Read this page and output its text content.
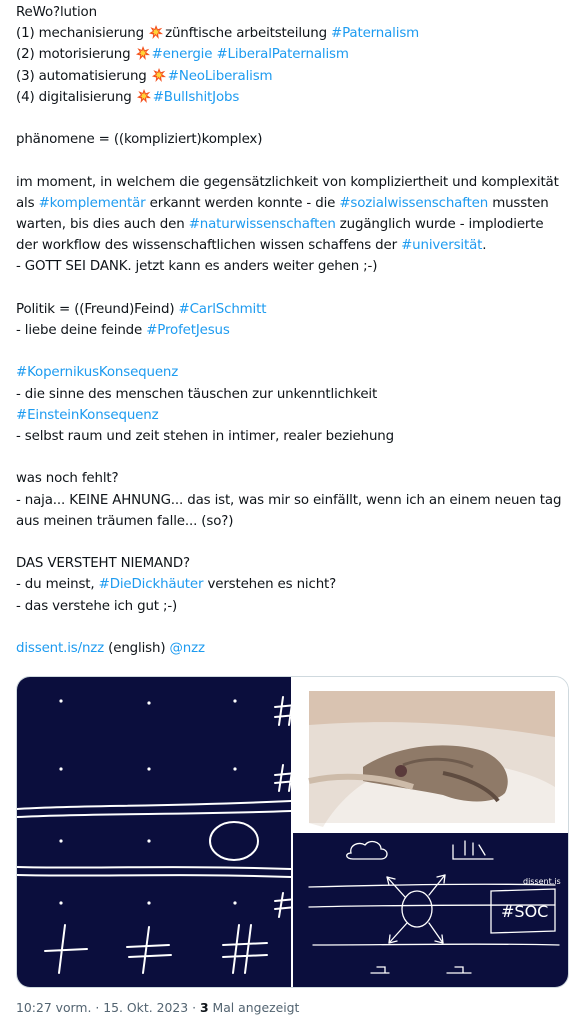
ReWo?lution
(1) mechanisierung zünftische arbeitsteilung #Paternalism
(2) motorisierung #energie #LiberalPaternalism
(3) automatisierung #NeoLiberalism
(4) digitalisierung #BullshitJobs
phänomene = ((kompliziert)komplex)
im moment, in welchem die gegensätzlichkeit von kompliziertheit und komplexität
als #komplementär erkannt werden konnte - die #sozialwissenschaften mussten
warten, bis dies auch den #naturwissenschaften zugänglich wurde - implodierte
der workflow des wissenschaftlichen wissen schaffens der #universität.
- GOTT SEI DANK. jetzt kann es anders weiter gehen ;-)
Politik = ((Freund)Feind) #CarlSchmitt
- liebe deine feinde #ProfetJesus
#KopernikusKonsequenz
- die sinne des menschen täuschen zur unkenntlichkeit
#EinsteinKonsequenz
- selbst raum und zeit stehen in intimer, realer beziehung
was noch fehlt?
- naja... KEINE AHNUNG... das ist, was mir so einfällt, wenn ich an einem neuen tag
aus meinen träumen falle... (so?)
DAS VERSTEHT NIEMAND?
- du meinst, #DieDickhäuter verstehen es nicht?
- das verstehe ich gut ;-)
dissent.is/nzz (english) @nzz
dissent.is
#SOC
10:27 vorm. · 15. Okt. 2023 · 3 Mal angezeigt
